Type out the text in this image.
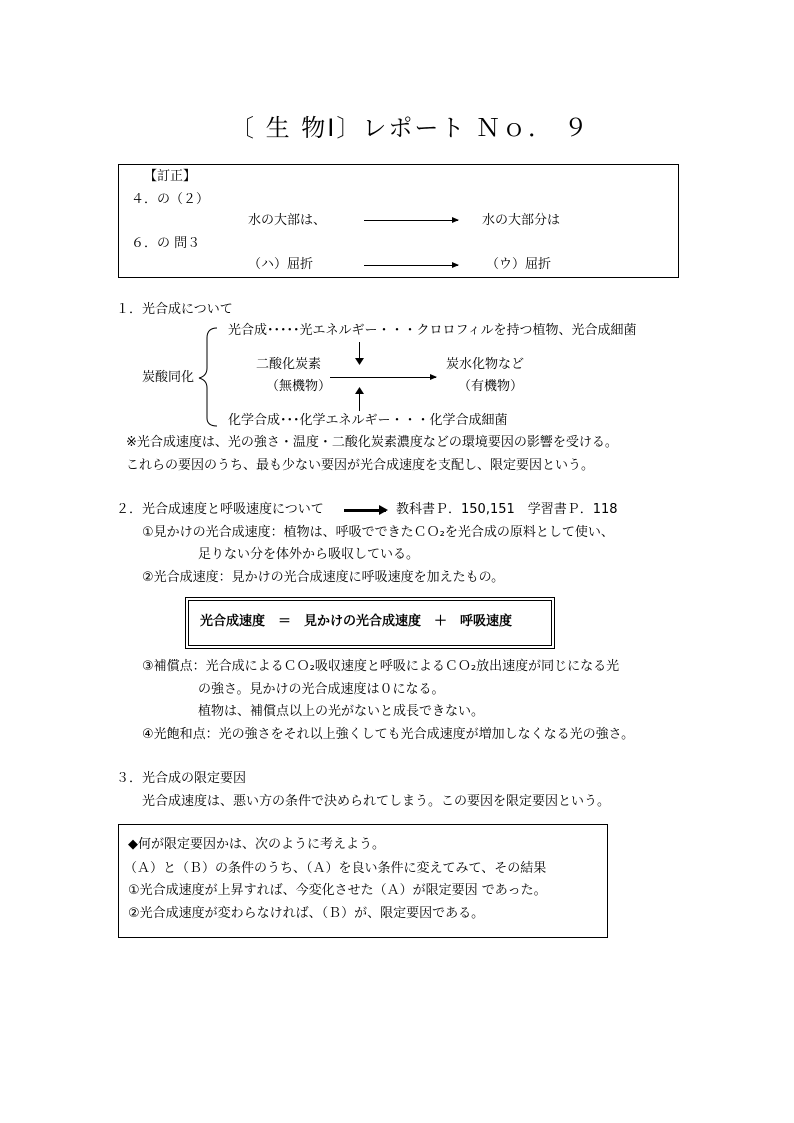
〔 生 物Ⅰ〕レポート Ｎｏ． ９
【訂正】
４．の（２）
水の大部は、	水の大部分は
６．の 問３
（ハ）屈折	（ウ）屈折
１．光合成について
光合成･････光エネルギー・・・クロロフィルを持つ植物、光合成細菌
炭酸同化
二酸化炭素
（無機物）
炭水化物など
（有機物）
化学合成･･･化学エネルギー・・・化学合成細菌
※光合成速度は、光の強さ・温度・二酸化炭素濃度などの環境要因の影響を受ける。
これらの要因のうち、最も少ない要因が光合成速度を支配し、限定要因という。
２．光合成速度と呼吸速度について	教科書Ｐ．150,151　学習書Ｐ．118
①見かけの光合成速度：植物は、呼吸でできたＣＯ₂を光合成の原料として使い、
足りない分を体外から吸収している。
②光合成速度：見かけの光合成速度に呼吸速度を加えたもの。
光合成速度　＝　見かけの光合成速度　＋　呼吸速度
③補償点：光合成によるＣＯ₂吸収速度と呼吸によるＣＯ₂放出速度が同じになる光
の強さ。見かけの光合成速度は０になる。
植物は、補償点以上の光がないと成長できない。
④光飽和点：光の強さをそれ以上強くしても光合成速度が増加しなくなる光の強さ。
３．光合成の限定要因
光合成速度は、悪い方の条件で決められてしまう。この要因を限定要因という。
◆何が限定要因かは、次のように考えよう。
（Ａ）と（Ｂ）の条件のうち、（Ａ）を良い条件に変えてみて、その結果
①光合成速度が上昇すれば、今変化させた（Ａ）が限定要因 であった。
②光合成速度が変わらなければ、（Ｂ）が、限定要因である。
